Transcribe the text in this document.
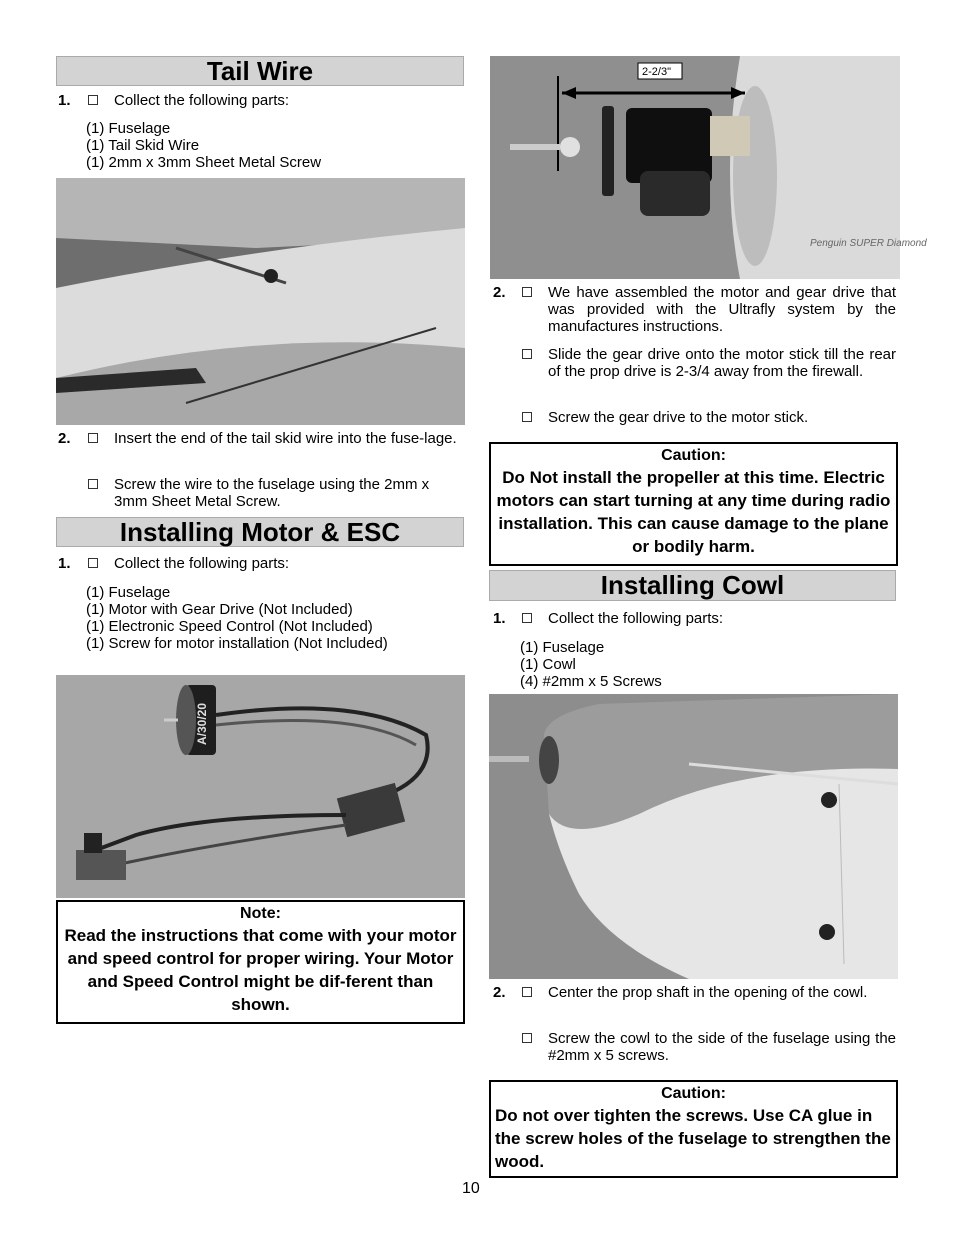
Tail Wire
1.	Collect the following parts:
(1) Fuselage
(1) Tail Skid Wire
(1) 2mm x 3mm Sheet Metal Screw
2.	Insert the end of the tail skid wire into the fuse-lage.
Screw the wire to the fuselage using the 2mm x 3mm Sheet Metal Screw.
Installing Motor & ESC
1.	Collect the following parts:
(1) Fuselage
(1) Motor with Gear Drive (Not Included)
(1) Electronic Speed Control (Not Included)
(1) Screw for motor installation (Not Included)
A/30/20
Note:
Read the instructions that come with your motor and speed control for proper wiring. Your Motor and Speed Control might be dif-ferent than shown.
2-2/3"
Penguin SUPER Diamond
2.	We have assembled the motor and gear drive that was provided with the Ultrafly system by the manufactures instructions.
Slide the gear drive onto the motor stick till the rear of the prop drive is 2-3/4 away from the firewall.
Screw the gear drive to the motor stick.
Caution:
Do Not install the propeller at this time. Electric motors can start turning at any time during radio installation. This can cause damage to the plane or bodily harm.
Installing Cowl
1.	Collect the following parts:
(1) Fuselage
(1) Cowl
(4) #2mm x 5 Screws
2.	Center the prop shaft in the opening of the cowl.
Screw the cowl to the side of the fuselage using the #2mm x 5 screws.
Caution:
Do not over tighten the screws. Use CA glue in the screw holes of the fuselage to strengthen the wood.
10
